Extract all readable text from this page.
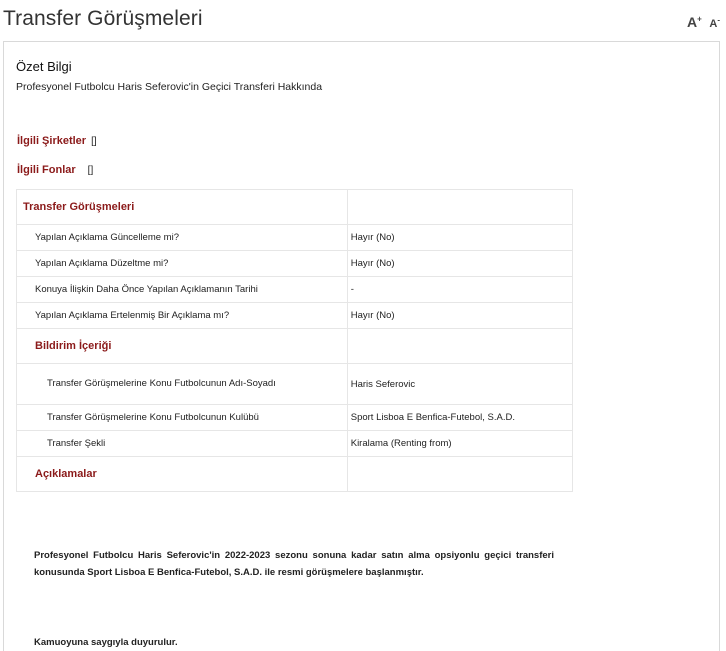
Transfer Görüşmeleri	A+ A-
Özet Bilgi
Profesyonel Futbolcu Haris Seferovic'in Geçici Transferi Hakkında
İlgili Şirketler []
İlgili Fonlar []
Transfer Görüşmeleri	
Yapılan Açıklama Güncelleme mi?	Hayır (No)
Yapılan Açıklama Düzeltme mi?	Hayır (No)
Konuya İlişkin Daha Önce Yapılan Açıklamanın Tarihi	-
Yapılan Açıklama Ertelenmiş Bir Açıklama mı?	Hayır (No)
Bildirim İçeriği	
Transfer Görüşmelerine Konu Futbolcunun Adı-Soyadı	Haris Seferovic
Transfer Görüşmelerine Konu Futbolcunun Kulübü	Sport Lisboa E Benfica-Futebol, S.A.D.
Transfer Şekli	Kiralama (Renting from)
Açıklamalar	
Profesyonel Futbolcu Haris Seferovic'in 2022-2023 sezonu sonuna kadar satın alma opsiyonlu geçici transferi konusunda Sport Lisboa E Benfica-Futebol, S.A.D. ile resmi görüşmelere başlanmıştır.
Kamuoyuna saygıyla duyurulur.
